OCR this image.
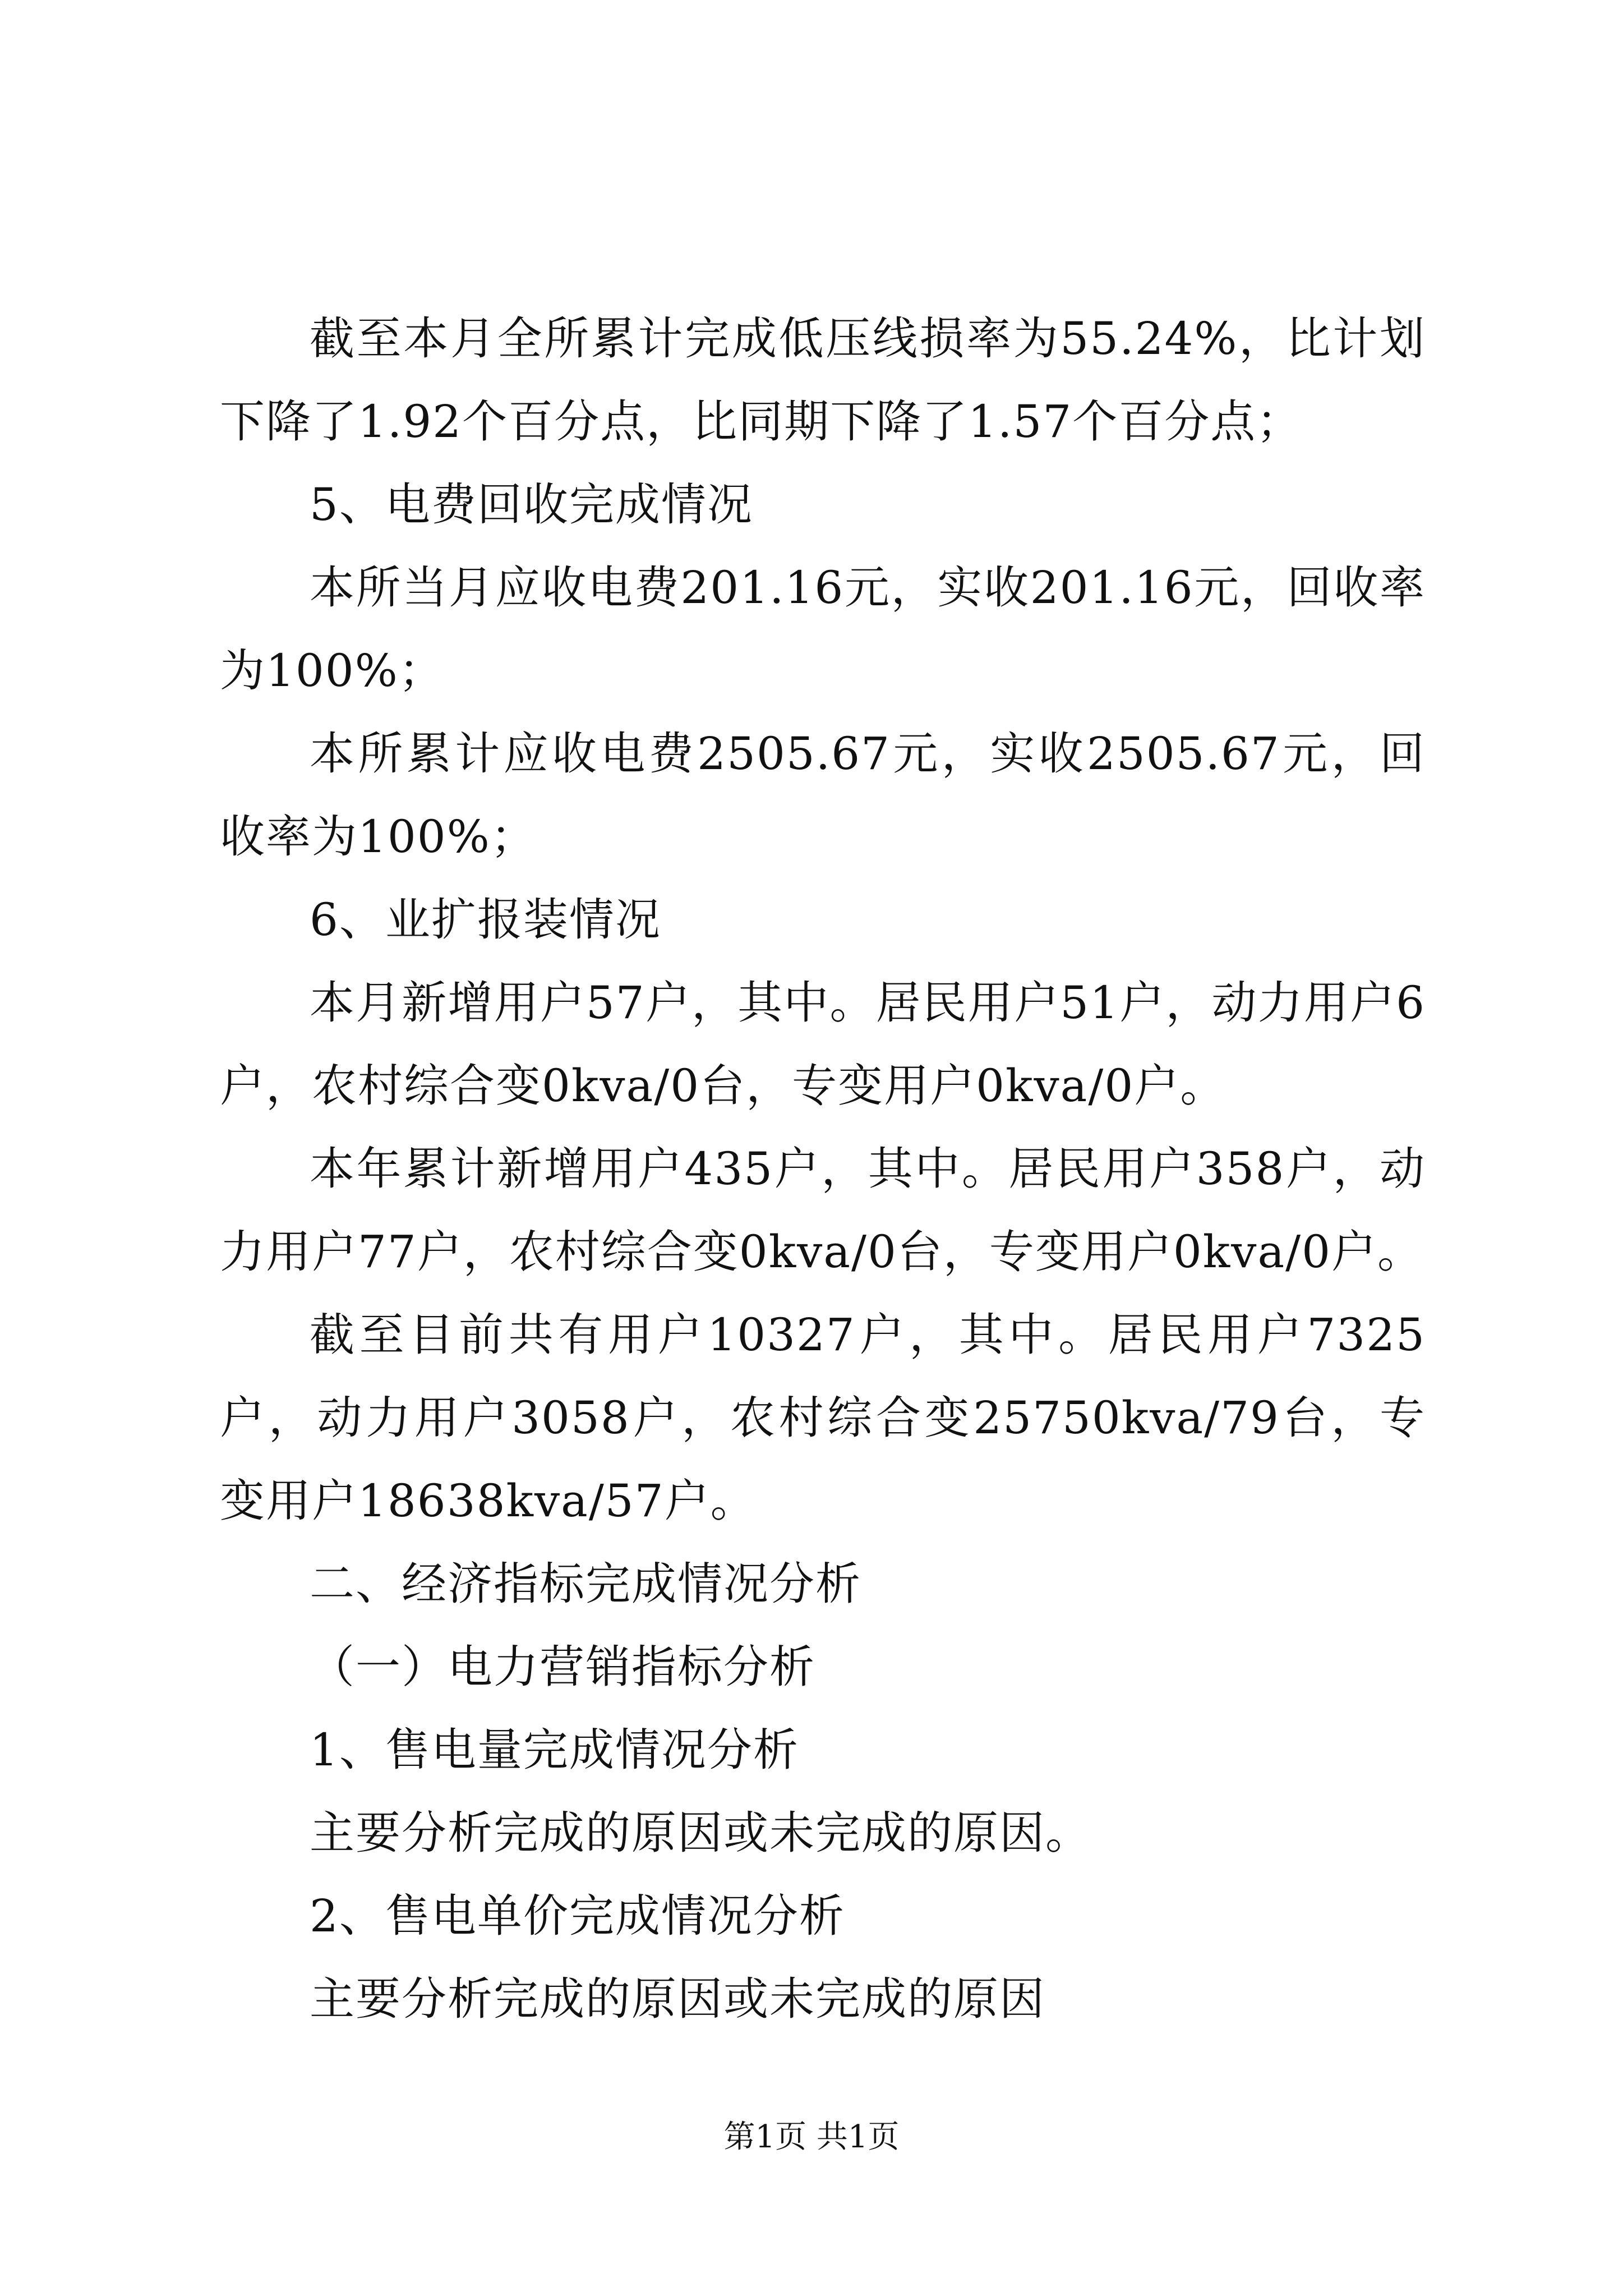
截至本月全所累计完成低压线损率为55.24%，比计划下降了1.92个百分点，比同期下降了1.57个百分点；

5、电费回收完成情况

本所当月应收电费201.16元，实收201.16元，回收率为100%；

本所累计应收电费2505.67元，实收2505.67元，回收率为100%；

6、业扩报装情况

本月新增用户57户，其中。居民用户51户，动力用户6户，农村综合变0kva/0台，专变用户0kva/0户。

本年累计新增用户435户，其中。居民用户358户，动力用户77户，农村综合变0kva/0台，专变用户0kva/0户。

截至目前共有用户10327户，其中。居民用户7325户，动力用户3058户，农村综合变25750kva/79台，专变用户18638kva/57户。

二、经济指标完成情况分析

（一）电力营销指标分析

1、售电量完成情况分析

主要分析完成的原因或未完成的原因。

2、售电单价完成情况分析

主要分析完成的原因或未完成的原因

第1页 共1页
